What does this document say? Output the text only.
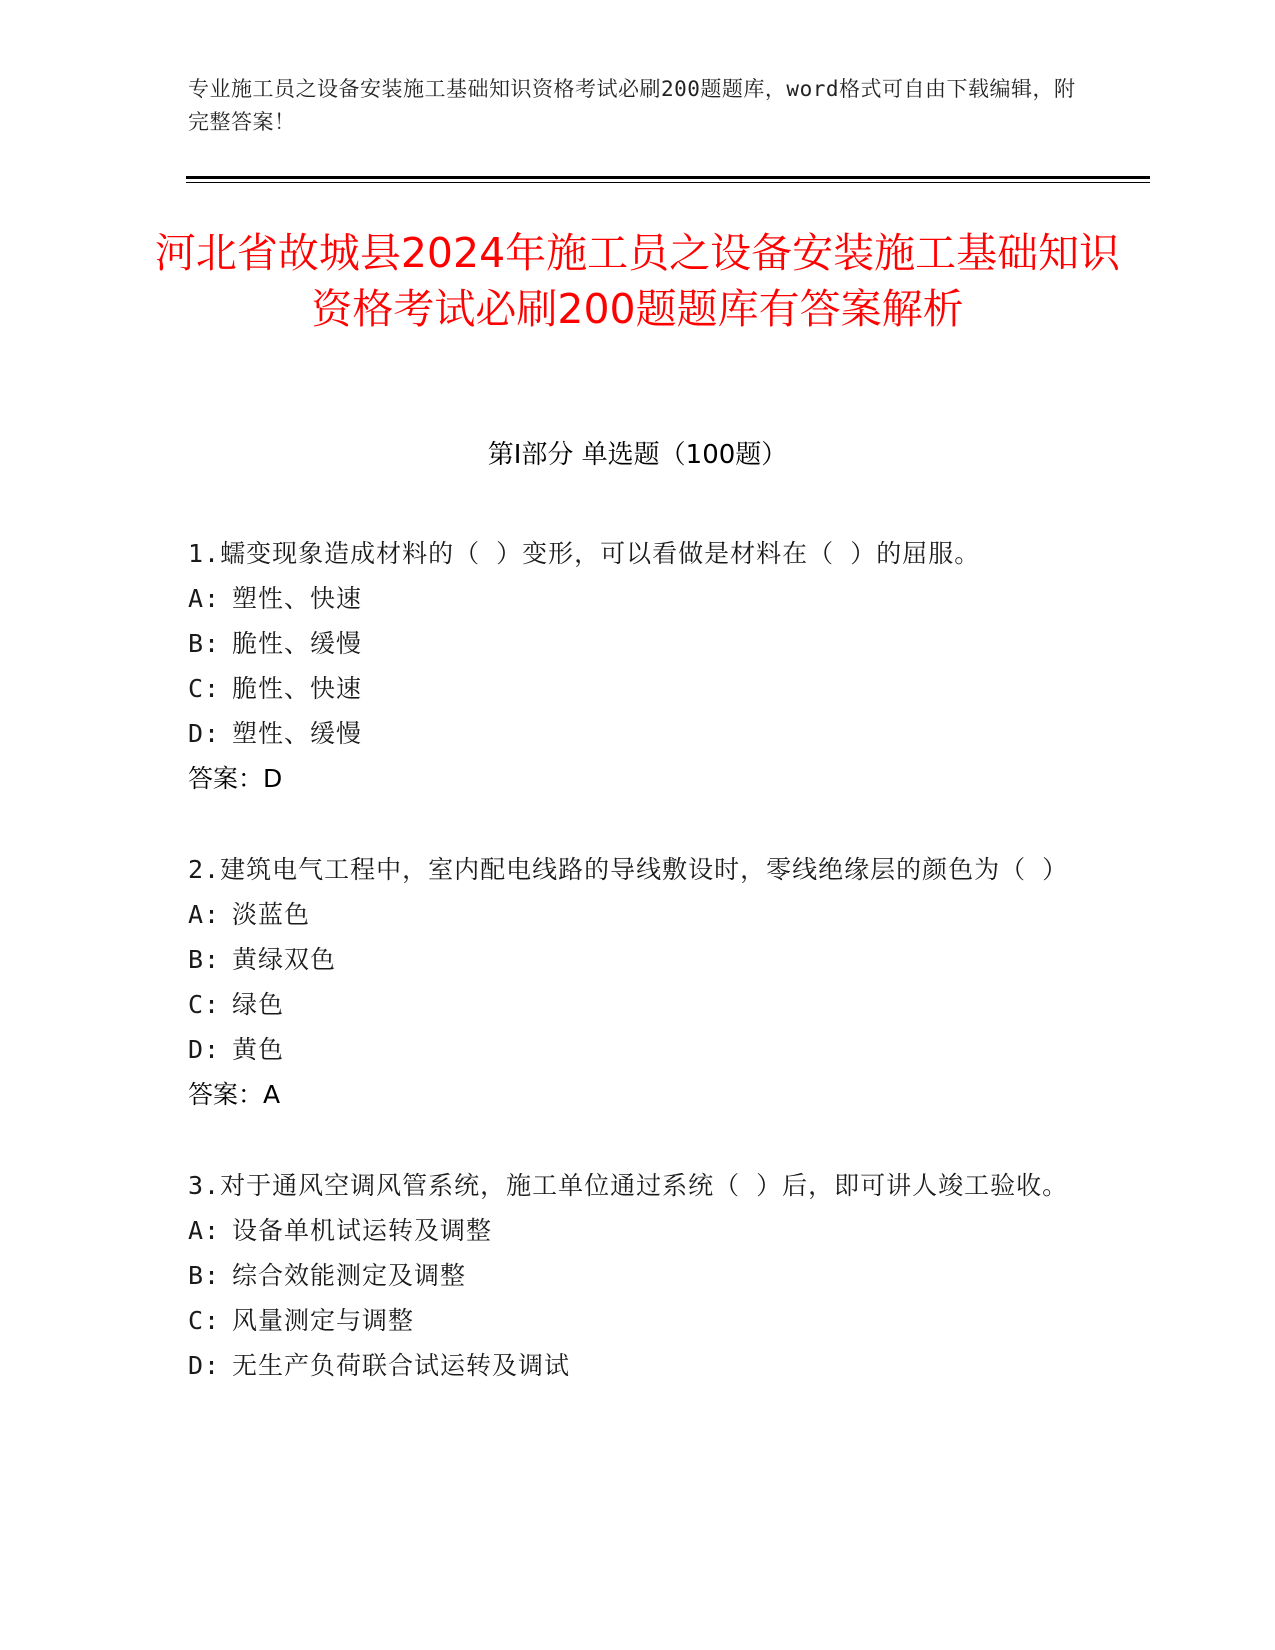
专业施工员之设备安装施工基础知识资格考试必刷200题题库，word格式可自由下载编辑，附完整答案！
河北省故城县2024年施工员之设备安装施工基础知识资格考试必刷200题题库有答案解析
第Ⅰ部分 单选题（100题）
1.蠕变现象造成材料的（ ）变形，可以看做是材料在（ ）的屈服。
A: 塑性、快速
B: 脆性、缓慢
C: 脆性、快速
D: 塑性、缓慢
答案：D
2.建筑电气工程中，室内配电线路的导线敷设时，零线绝缘层的颜色为（ ）
A: 淡蓝色
B: 黄绿双色
C: 绿色
D: 黄色
答案：A
3.对于通风空调风管系统，施工单位通过系统（ ）后，即可讲人竣工验收。
A: 设备单机试运转及调整
B: 综合效能测定及调整
C: 风量测定与调整
D: 无生产负荷联合试运转及调试
